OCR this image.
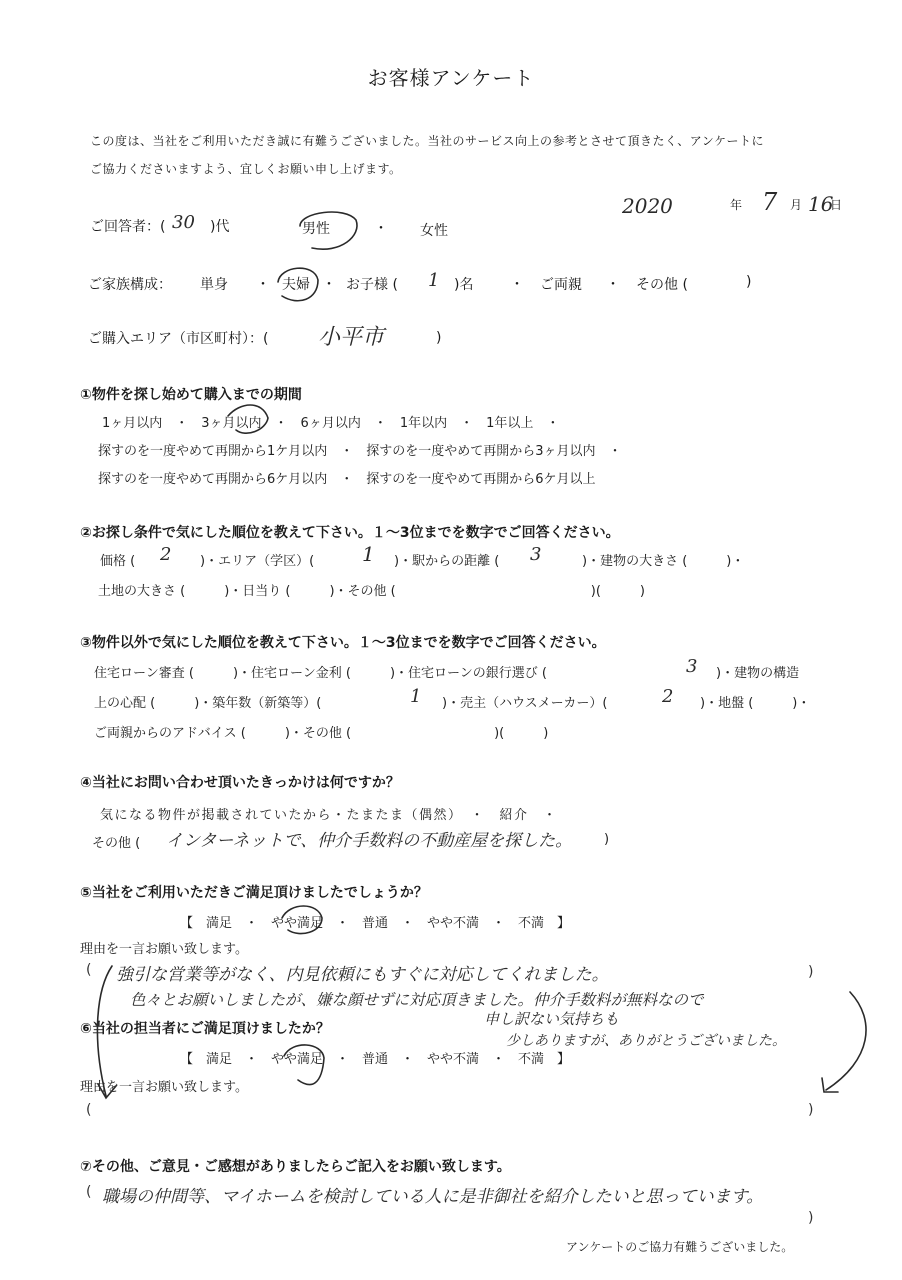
お客様アンケート
この度は、当社をご利用いただき誠に有難うございました。当社のサービス向上の参考とさせて頂きたく、アンケートに
ご協力くださいますよう、宜しくお願い申し上げます。
2020	年 7 月 16
日
ご回答者：( 30 )代	男性	・ 女性
ご家族構成： 単身 ・ 夫婦 ・ お子様 ( 1 )名	・ ご両親 ・ その他 (	)
ご購入エリア（市区町村）：( 小平市	)
①物件を探し始めて購入までの期間
1ヶ月以内　・　3ヶ月以内　・　6ヶ月以内　・　1年以内　・　1年以上　・
探すのを一度やめて再開から1ケ月以内　・　探すのを一度やめて再開から3ヶ月以内　・
探すのを一度やめて再開から6ケ月以内　・　探すのを一度やめて再開から6ケ月以上
②お探し条件で気にした順位を教えて下さい。１～3位までを数字でご回答ください。
価格 ( 2 )・エリア（学区）( 1 )・駅からの距離 ( 3	)・建物の大きさ (　　　)・
土地の大きさ (　　　)・日当り (　　　)・その他 (　　　　　　　　　　　　　　　)(　　　)
③物件以外で気にした順位を教えて下さい。１～3位までを数字でご回答ください。
住宅ローン審査 (　　　)・住宅ローン金利 (　　　)・住宅ローンの銀行選び (	3 )・建物の構造
上の心配 (　　　)・築年数（新築等）(	1 )・売主（ハウスメーカー）(	2 )・地盤 (　　　)・
ご両親からのアドバイス (　　　)・その他 (　　　　　　　　　　　)(　　　)
④当社にお問い合わせ頂いたきっかけは何ですか？
気になる物件が掲載されていたから・たまたま（偶然）　・　紹介　・
その他 ( インターネットで、仲介手数料の不動産屋を探した。 )
⑤当社をご利用いただきご満足頂けましたでしょうか？
【　満足　・　やや満足　・　普通　・　やや不満　・　不満　】
理由を一言お願い致します。
(	)
強引な営業等がなく、内見依頼にもすぐに対応してくれました。
色々とお願いしましたが、嫌な顔せずに対応頂きました。仲介手数料が無料なので
申し訳ない気持ちも
少しありますが、ありがとうございました。
⑥当社の担当者にご満足頂けましたか？
【　満足　・　やや満足　・　普通　・　やや不満　・　不満　】
理由を一言お願い致します。
(	)
⑦その他、ご意見・ご感想がありましたらご記入をお願い致します。
( 職場の仲間等、マイホームを検討している人に是非御社を紹介したいと思っています。
)
アンケートのご協力有難うございました。
